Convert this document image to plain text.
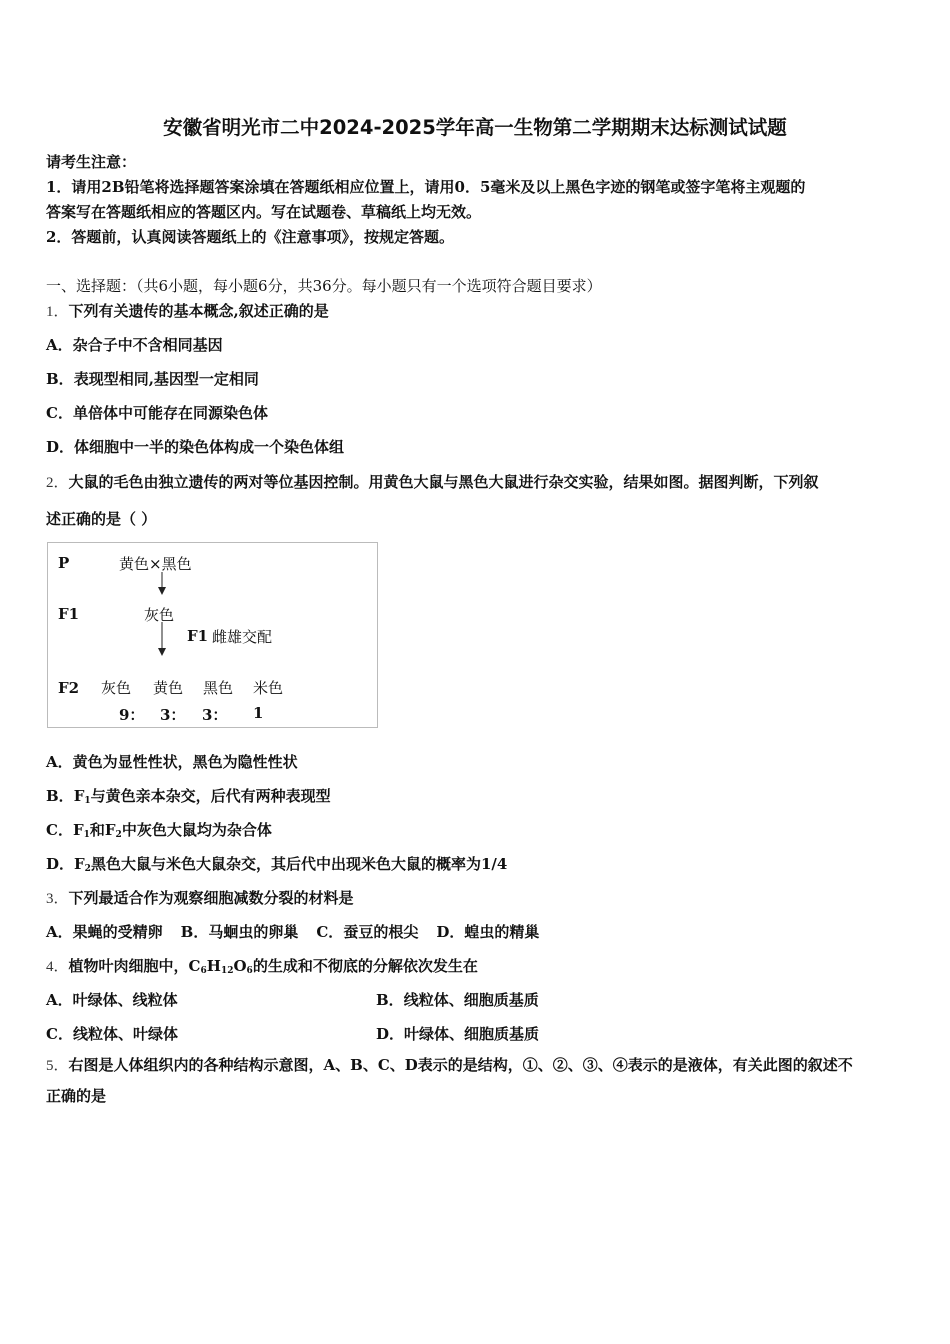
安徽省明光市二中2024-2025学年高一生物第二学期期末达标测试试题
请考生注意：
1．请用2B铅笔将选择题答案涂填在答题纸相应位置上，请用0．5毫米及以上黑色字迹的钢笔或签字笔将主观题的
答案写在答题纸相应的答题区内。写在试题卷、草稿纸上均无效。
2．答题前，认真阅读答题纸上的《注意事项》，按规定答题。
一、选择题：（共6小题，每小题6分，共36分。每小题只有一个选项符合题目要求）
1．下列有关遗传的基本概念,叙述正确的是
A．杂合子中不含相同基因
B．表现型相同,基因型一定相同
C．单倍体中可能存在同源染色体
D．体细胞中一半的染色体构成一个染色体组
2．大鼠的毛色由独立遗传的两对等位基因控制。用黄色大鼠与黑色大鼠进行杂交实验，结果如图。据图判断，下列叙
述正确的是（ ）
P	黄色×黑色
F1	灰色
F1 雌雄交配
F2 灰色 黄色 黑色 米色
9： 3： 3： 1
A．黄色为显性性状，黑色为隐性性状
B．$F_1$与黄色亲本杂交，后代有两种表现型
C．$F_1$和$F_2$中灰色大鼠均为杂合体
D．$F_2$黑色大鼠与米色大鼠杂交，其后代中出现米色大鼠的概率为1/4
3．下列最适合作为观察细胞减数分裂的材料是
A．果蝇的受精卵 B．马蛔虫的卵巢 C．蚕豆的根尖 D．蝗虫的精巢
4．植物叶肉细胞中，$C_6H_{12}O_6$的生成和不彻底的分解依次发生在
A．叶绿体、线粒体	B．线粒体、细胞质基质
C．线粒体、叶绿体	D．叶绿体、细胞质基质
5．右图是人体组织内的各种结构示意图，A、B、C、D表示的是结构，①、②、③、④表示的是液体，有关此图的叙述不
正确的是
